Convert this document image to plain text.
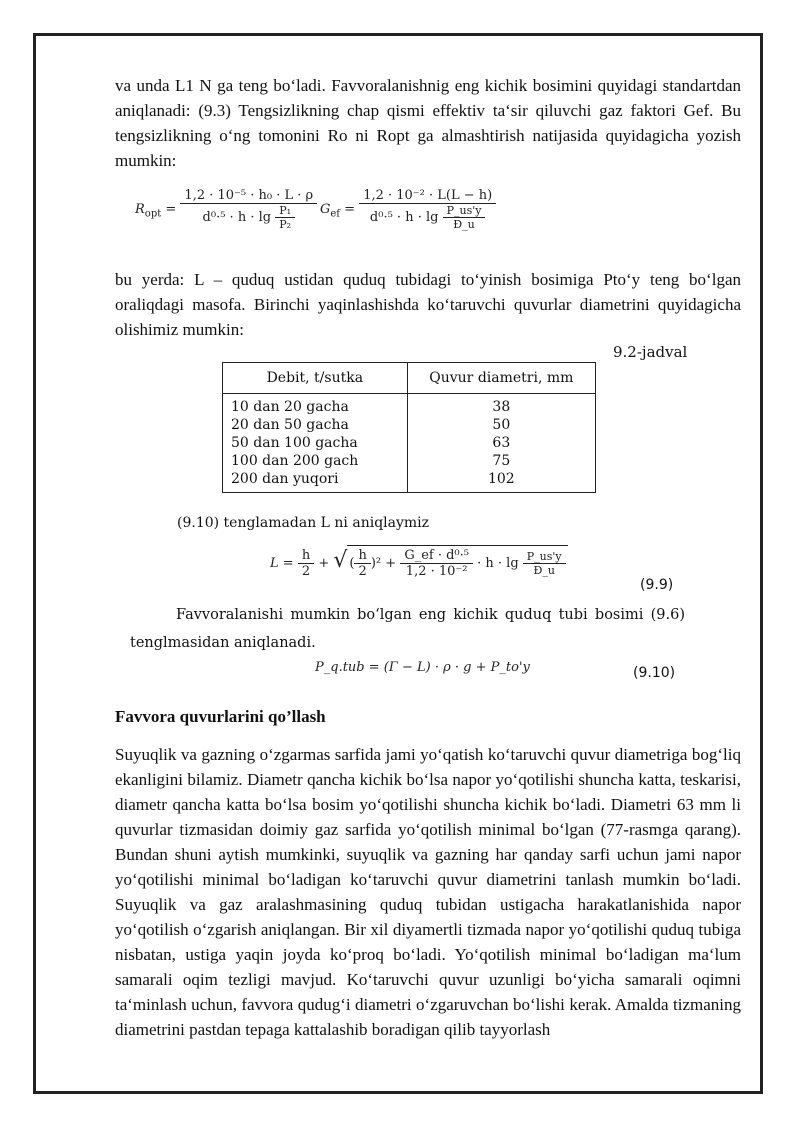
va unda L1 N ga teng bo‘ladi. Favvoralanishnig eng kichik bosimini quyidagi standartdan aniqlanadi: (9.3) Tengsizlikning chap qismi effektiv ta‘sir qiluvchi gaz faktori Gef. Bu tengsizlikning o‘ng tomonini Ro ni Ropt ga almashtirish natijasida quyidagicha yozish mumkin:
$R_{opt} = \frac{\text{1,2 · 10⁻⁵ · h₀ · L · ρ}}{d^0\cdot^5 \cdot h \cdot \lg \frac{\text{P₁}}{\text{P₂}}} G_{ef} = \frac{\text{1,2 · 10⁻² · L(L − h)}}{d^0\cdot^5 \cdot h \cdot \lg \frac{P\_us'y}{Đ\_u}}$
bu yerda: L – quduq ustidan quduq tubidagi to‘yinish bosimiga Pto‘y teng bo‘lgan oraliqdagi masofa. Birinchi yaqinlashishda ko‘taruvchi quvurlar diametrini quyidagicha olishimiz mumkin:
9.2-jadval
Debit, t/sutka	Quvur diametri, mm
10 dan 20 gacha	38
20 dan 50 gacha	50
50 dan 100 gacha	63
100 dan 200 gach	75
200 dan yuqori	102
(9.10) tenglamadan L ni aniqlaymiz
$L = \frac{h}{2}$ + √( $\frac{h}{2} )^2 + \frac{\text{G\_ef · d⁰·⁵}}{\text{1,2 · 10⁻²}} \cdot h \cdot \lg \frac{P\_us'y}{Đ\_u}$
(9.9)
Favvoralanishi mumkin bo‘lgan eng kichik quduq tubi bosimi (9.6) tenglmasidan aniqlanadi.
P_q.tub = (Γ − L) · ρ · g + P_to'y	(9.10)
Favvora quvurlarini qo’llash
Suyuqlik va gazning o‘zgarmas sarfida jami yo‘qatish ko‘taruvchi quvur diametriga bog‘liq ekanligini bilamiz. Diametr qancha kichik bo‘lsa napor yo‘qotilishi shuncha katta, teskarisi, diametr qancha katta bo‘lsa bosim yo‘qotilishi shuncha kichik bo‘ladi. Diametri 63 mm li quvurlar tizmasidan doimiy gaz sarfida yo‘qotilish minimal bo‘lgan (77-rasmga qarang). Bundan shuni aytish mumkinki, suyuqlik va gazning har qanday sarfi uchun jami napor yo‘qotilishi minimal bo‘ladigan ko‘taruvchi quvur diametrini tanlash mumkin bo‘ladi. Suyuqlik va gaz aralashmasining quduq tubidan ustigacha harakatlanishida napor yo‘qotilish o‘zgarish aniqlangan. Bir xil diyamertli tizmada napor yo‘qotilishi quduq tubiga nisbatan, ustiga yaqin joyda ko‘proq bo‘ladi. Yo‘qotilish minimal bo‘ladigan ma‘lum samarali oqim tezligi mavjud. Ko‘taruvchi quvur uzunligi bo‘yicha samarali oqimni ta‘minlash uchun, favvora qudug‘i diametri o‘zgaruvchan bo‘lishi kerak. Amalda tizmaning diametrini pastdan tepaga kattalashib boradigan qilib tayyorlash
